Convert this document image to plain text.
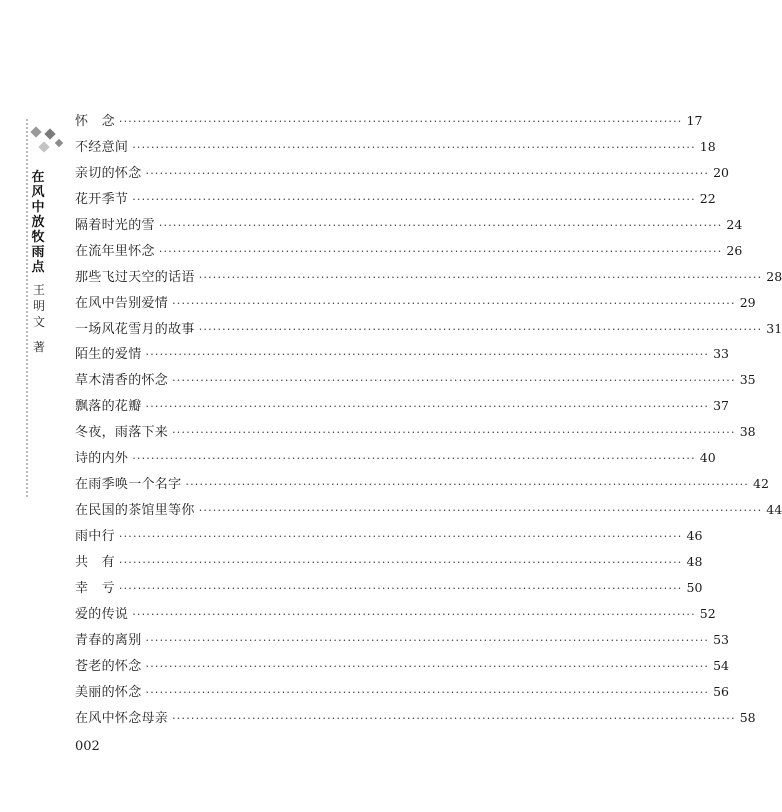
在
风
中
放
牧
雨
点
王
明
文
著
怀　念 ························································································································ 17
不经意间 ························································································································ 18
亲切的怀念 ························································································································ 20
花开季节 ························································································································ 22
隔着时光的雪 ························································································································ 24
在流年里怀念 ························································································································ 26
那些飞过天空的话语 ························································································································ 28
在风中告别爱情 ························································································································ 29
一场风花雪月的故事 ························································································································ 31
陌生的爱情 ························································································································ 33
草木清香的怀念 ························································································································ 35
飘落的花瓣 ························································································································ 37
冬夜，雨落下来 ························································································································ 38
诗的内外 ························································································································ 40
在雨季唤一个名字 ························································································································ 42
在民国的茶馆里等你 ························································································································ 44
雨中行 ························································································································ 46
共　有 ························································································································ 48
幸　亏 ························································································································ 50
爱的传说 ························································································································ 52
青春的离别 ························································································································ 53
苍老的怀念 ························································································································ 54
美丽的怀念 ························································································································ 56
在风中怀念母亲 ························································································································ 58
002
